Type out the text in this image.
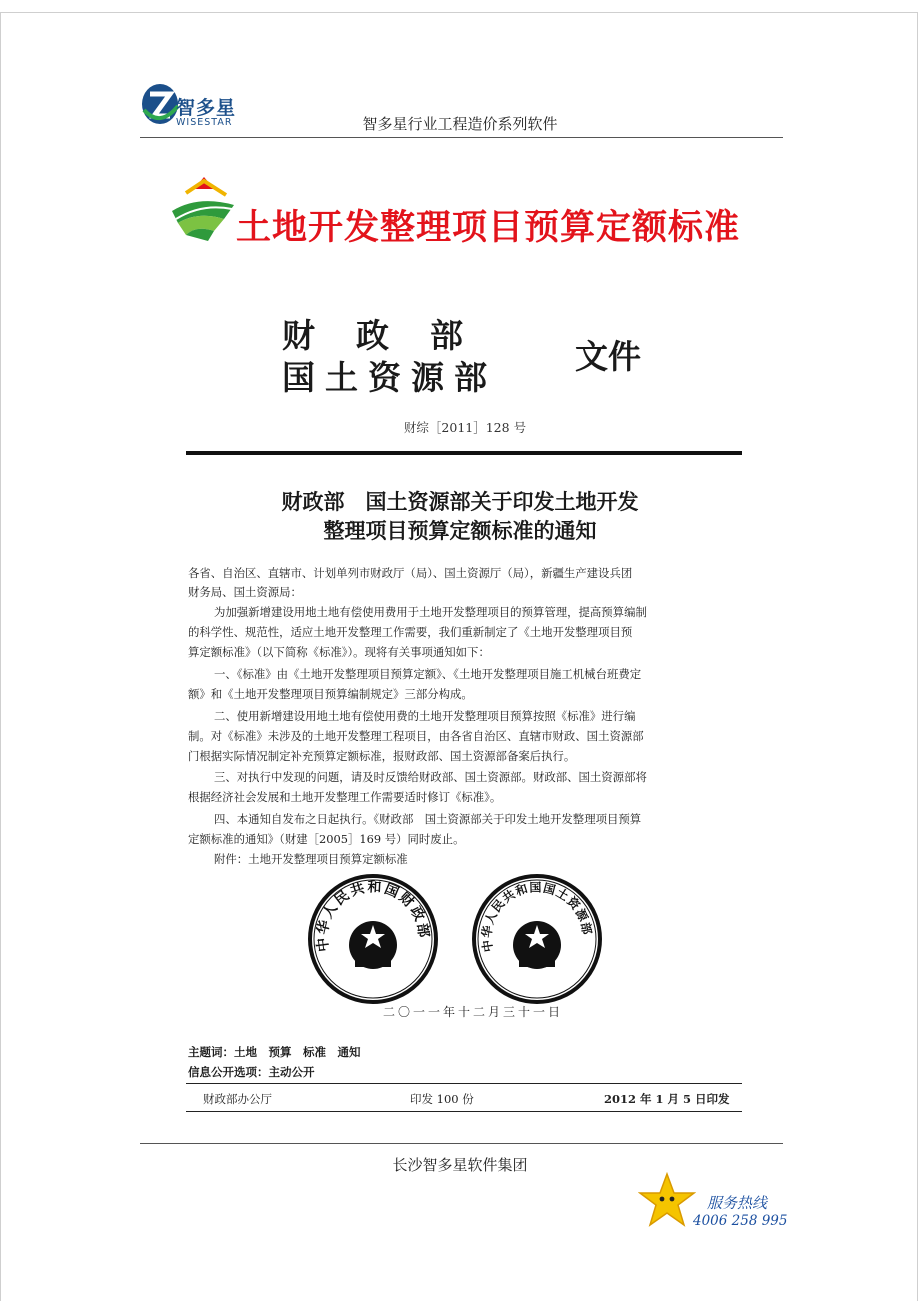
智多星
WISESTAR	智多星行业工程造价系列软件
土地开发整理项目预算定额标准
财政部
国土资源部
文件
财综［2011］128 号
财政部　国土资源部关于印发土地开发
整理项目预算定额标准的通知
各省、自治区、直辖市、计划单列市财政厅（局）、国土资源厅（局），新疆生产建设兵团
财务局、国土资源局：
为加强新增建设用地土地有偿使用费用于土地开发整理项目的预算管理，提高预算编制
的科学性、规范性，适应土地开发整理工作需要，我们重新制定了《土地开发整理项目预
算定额标准》（以下简称《标准》）。现将有关事项通知如下：
一、《标准》由《土地开发整理项目预算定额》、《土地开发整理项目施工机械台班费定
额》和《土地开发整理项目预算编制规定》三部分构成。
二、使用新增建设用地土地有偿使用费的土地开发整理项目预算按照《标准》进行编
制。对《标准》未涉及的土地开发整理工程项目，由各省自治区、直辖市财政、国土资源部
门根据实际情况制定补充预算定额标准，报财政部、国土资源部备案后执行。
三、对执行中发现的问题，请及时反馈给财政部、国土资源部。财政部、国土资源部将
根据经济社会发展和土地开发整理工作需要适时修订《标准》。
四、本通知自发布之日起执行。《财政部　国土资源部关于印发土地开发整理项目预算
定额标准的通知》（财建［2005］169 号）同时废止。
附件：土地开发整理项目预算定额标准
中华人民共和国财政部
中华人民共和国国土资源部
二〇一一年十二月三十一日
主题词：土地　预算　标准　通知
信息公开选项：主动公开
财政部办公厅	印发 100 份	2012 年 1 月 5 日印发
长沙智多星软件集团
服务热线
4006 258 995
